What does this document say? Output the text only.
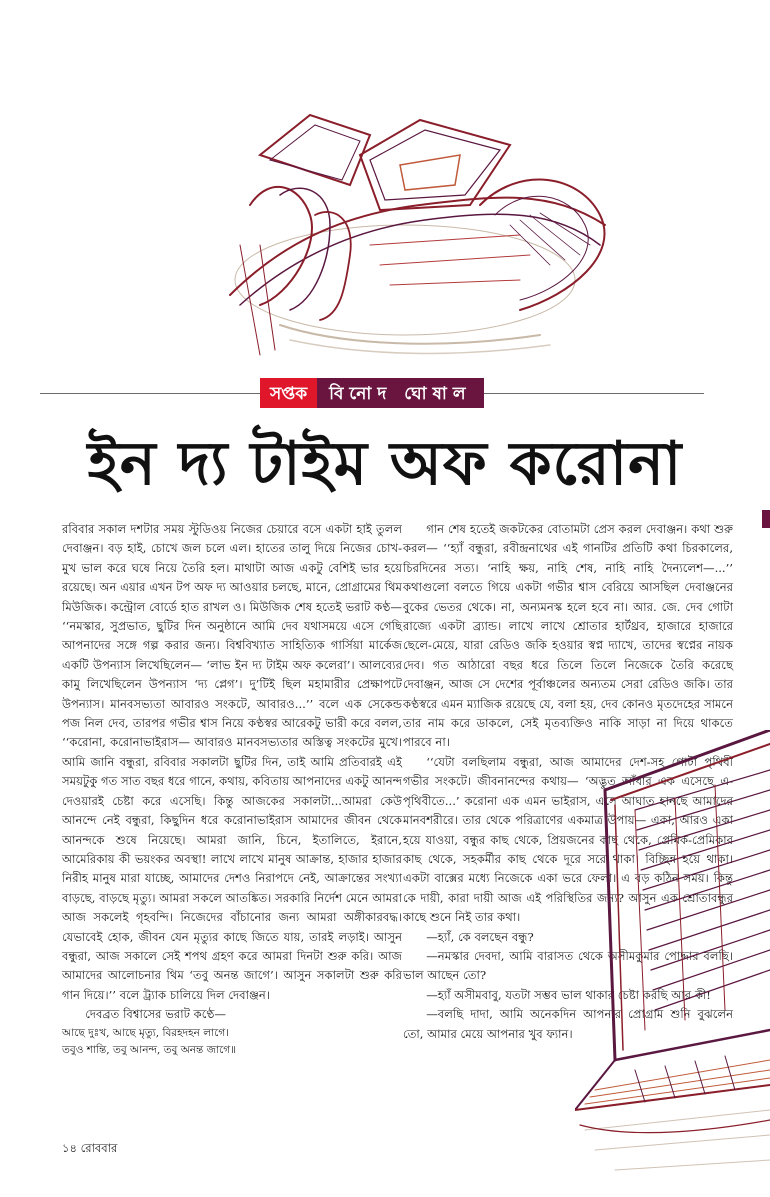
সপ্তক	বিনোদ ঘোষাল
ইন দ্য টাইম অফ করোনা

রবিবার সকাল দশটার সময় স্টুডিওয় নিজের চেয়ারে বসে একটা হাই তুলল দেবাঞ্জন। বড় হাই, চোখে জল চলে এল। হাতের তালু দিয়ে নিজের চোখ-মুখ ভাল করে ঘষে নিয়ে তৈরি হল। মাথাটা আজ একটু বেশিই ভার হয়ে রয়েছে। অন এয়ার এখন টপ অফ দ্য আওয়ার চলছে, মানে, প্রোগ্রামের থিম মিউজিক। কন্ট্রোল বোর্ডে হাত রাখল ও। মিউজিক শেষ হতেই ভরাট কণ্ঠ— ‘‘নমস্কার, সুপ্রভাত, ছুটির দিন অনুষ্ঠানে আমি দেব যথাসময়ে এসে গেছি আপনাদের সঙ্গে গল্প করার জন্য। বিশ্ববিখ্যাত সাহিত্যিক গার্সিয়া মার্কেজ একটি উপন্যাস লিখেছিলেন— ‘লাভ ইন দ্য টাইম অফ কলেরা’। আলব্যের কামু লিখেছিলেন উপন্যাস ‘দ্য প্লেগ’। দু’টিই ছিল মহামারীর প্রেক্ষাপটে উপন্যাস। মানবসভ্যতা আবারও সংকটে, আবারও...’’ বলে এক সেকেন্ড পজ নিল দেব, তারপর গভীর শ্বাস নিয়ে কণ্ঠস্বর আরেকটু ভারী করে বলল, ‘‘করোনা, করোনাভাইরাস— আবারও মানবসভ্যতার অস্তিত্ব সংকটের মুখে। আমি জানি বন্ধুরা, রবিবার সকালটা ছুটির দিন, তাই আমি প্রতিবারই এই সময়টুকু গত সাত বছর ধরে গানে, কথায়, কবিতায় আপনাদের একটু আনন্দ দেওয়ারই চেষ্টা করে এসেছি। কিন্তু আজকের সকালটা...আমরা কেউ আনন্দে নেই বন্ধুরা, কিছুদিন ধরে করোনাভাইরাস আমাদের জীবন থেকে আনন্দকে শুষে নিয়েছে। আমরা জানি, চিনে, ইতালিতে, ইরানে, আমেরিকায় কী ভয়ংকর অবস্থা! লাখে লাখে মানুষ আক্রান্ত, হাজার হাজার নিরীহ মানুষ মারা যাচ্ছে, আমাদের দেশও নিরাপদে নেই, আক্রান্তের সংখ্যা বাড়ছে, বাড়ছে মৃত্যু। আমরা সকলে আতঙ্কিত। সরকারি নির্দেশ মেনে আমরা আজ সকলেই গৃহবন্দি। নিজেদের বাঁচানোর জন্য আমরা অঙ্গীকারবদ্ধ। যেভাবেই হোক, জীবন যেন মৃত্যুর কাছে জিতে যায়, তারই লড়াই। আসুন বন্ধুরা, আজ সকালে সেই শপথ গ্রহণ করে আমরা দিনটা শুরু করি। আজ আমাদের আলোচনার থিম ‘তবু অনন্ত জাগে’। আসুন সকালটা শুরু করি গান দিয়ে।’’ বলে ট্র্যাক চালিয়ে দিল দেবাঞ্জন।

দেবব্রত বিশ্বাসের ভরাট কণ্ঠে—

আছে দুঃখ, আছে মৃত্যু, বিরহদহন লাগে।

তবুও শান্তি, তবু আনন্দ, তবু অনন্ত জাগে॥

গান শেষ হতেই জকটকের বোতামটা প্রেস করল দেবাঞ্জন। কথা শুরু করল— ‘‘হ্যাঁ বন্ধুরা, রবীন্দ্রনাথের এই গানটির প্রতিটি কথা চিরকালের, চিরদিনের সত্য। ‘নাহি ক্ষয়, নাহি শেষ, নাহি নাহি দৈন্যলেশ—...’’ কথাগুলো বলতে গিয়ে একটা গভীর শ্বাস বেরিয়ে আসছিল দেবাঞ্জনের বুকের ভেতর থেকে। না, অন্যমনস্ক হলে হবে না। আর. জে. দেব গোটা রাজ্যে একটা ব্র্যান্ড। লাখে লাখে শ্রোতার হার্টথ্রব, হাজারে হাজারে ছেলে-মেয়ে, যারা রেডিও জকি হওয়ার স্বপ্ন দ্যাখে, তাদের স্বপ্নের নায়ক দেব। গত আঠারো বছর ধরে তিলে তিলে নিজেকে তৈরি করেছে দেবাঞ্জন, আজ সে দেশের পূর্বাঞ্চলের অন্যতম সেরা রেডিও জকি। তার কণ্ঠস্বরে এমন ম্যাজিক রয়েছে যে, বলা হয়, দেব কোনও মৃতদেহের সামনে তার নাম করে ডাকলে, সেই মৃতব্যক্তিও নাকি সাড়া না দিয়ে থাকতে পারবে না।

‘‘যেটা বলছিলাম বন্ধুরা, আজ আমাদের দেশ-সহ গোটা পৃথিবী গভীর সংকটে। জীবনানন্দের কথায়— ‘অদ্ভুত আঁধার এক এসেছে এ-পৃথিবীতে...’ করোনা এক এমন ভাইরাস, এসে আঘাত হানছে আমাদের মানবশরীরে। তার থেকে পরিত্রাণের একমাত্র উপায়— একা, আরও একা হয়ে যাওয়া, বন্ধুর কাছ থেকে, প্রিয়জনের কাছ থেকে, প্রেমিক-প্রেমিকার কাছ থেকে, সহকর্মীর কাছ থেকে দূরে সরে থাকা। বিচ্ছিন্ন হয়ে থাকা। একটা বাক্সের মধ্যে নিজেকে একা ভরে ফেলা। এ বড় কঠিন সময়। কিন্তু কে দায়ী, কারা দায়ী আজ এই পরিস্থিতির জন্য? আসুন এক শ্রোতাবন্ধুর কাছে শুনে নিই তার কথা।

—হ্যাঁ, কে বলছেন বন্ধু?

—নমস্কার দেবদা, আমি বারাসত থেকে অসীমকুমার পোদ্দার বলছি। ভাল আছেন তো?

—হ্যাঁ অসীমবাবু, যতটা সম্ভব ভাল থাকার চেষ্টা করছি আর কী!

—বলছি দাদা, আমি অনেকদিন আপনার প্রোগ্রাম শুনি বুঝলেন তো, আমার মেয়ে আপনার খুব ফ্যান।

১৪ রোববার
